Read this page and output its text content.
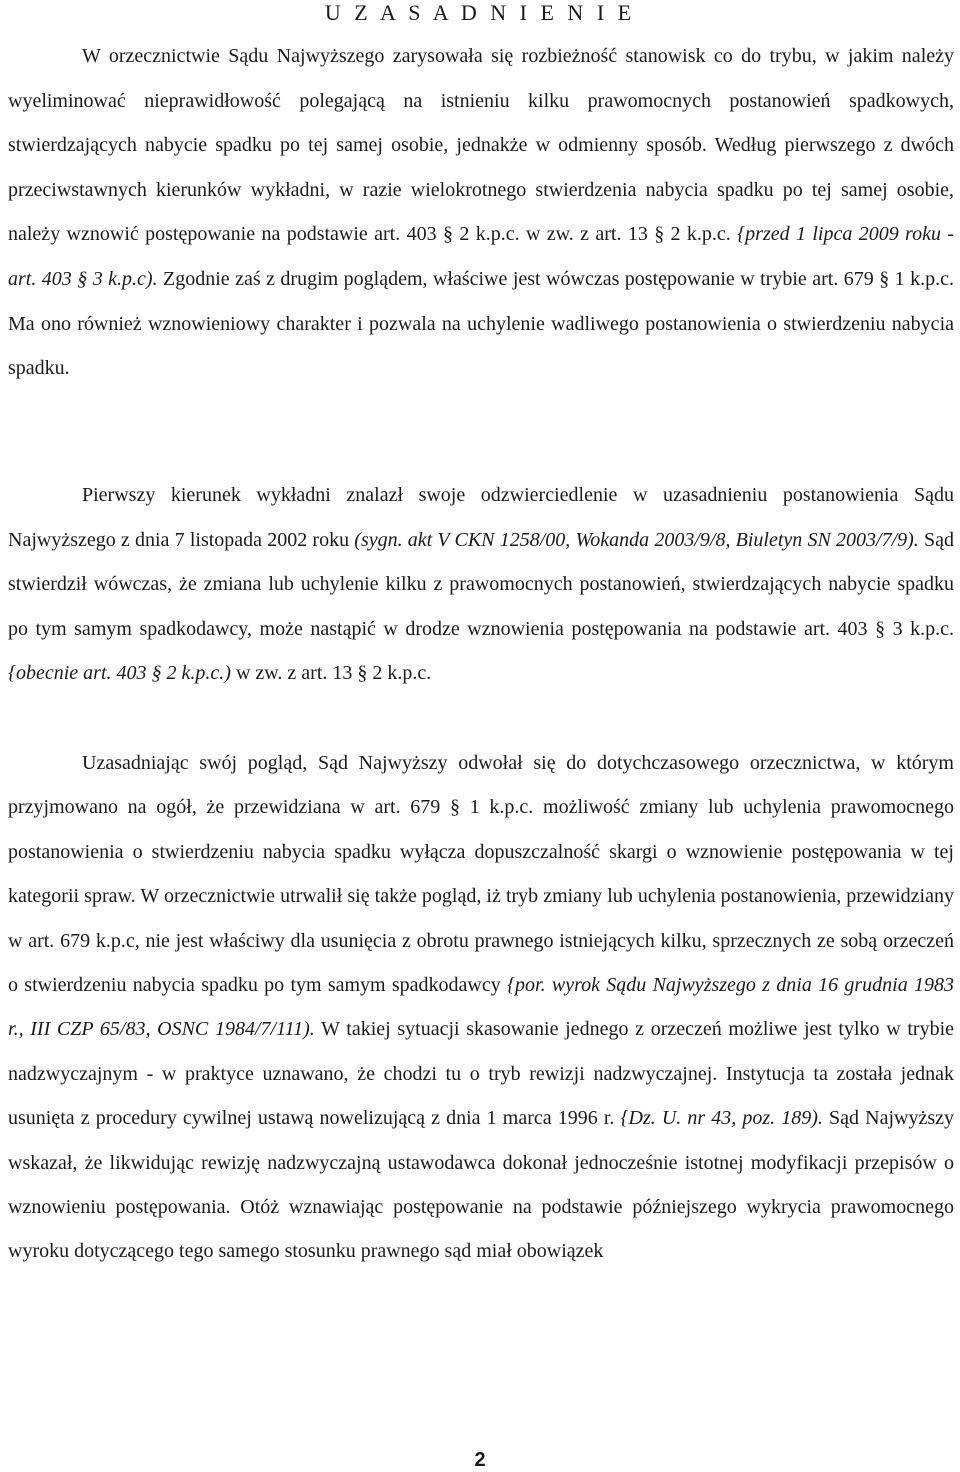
U Z A S A D N I E N I E

W orzecznictwie Sądu Najwyższego zarysowała się rozbieżność stanowisk co do trybu, w jakim należy wyeliminować nieprawidłowość polegającą na istnieniu kilku prawomocnych postanowień spadkowych, stwierdzających nabycie spadku po tej samej osobie, jednakże w odmienny sposób. Według pierwszego z dwóch przeciwstawnych kierunków wykładni, w razie wielokrotnego stwierdzenia nabycia spadku po tej samej osobie, należy wznowić postępowanie na podstawie art. 403 § 2 k.p.c. w zw. z art. 13 § 2 k.p.c. {przed 1 lipca 2009 roku - art. 403 § 3 k.p.c). Zgodnie zaś z drugim poglądem, właściwe jest wówczas postępowanie w trybie art. 679 § 1 k.p.c. Ma ono również wznowieniowy charakter i pozwala na uchylenie wadliwego postanowienia o stwierdzeniu nabycia spadku.

Pierwszy kierunek wykładni znalazł swoje odzwierciedlenie w uzasadnieniu postanowienia Sądu Najwyższego z dnia 7 listopada 2002 roku (sygn. akt V CKN 1258/00, Wokanda 2003/9/8, Biuletyn SN 2003/7/9). Sąd stwierdził wówczas, że zmiana lub uchylenie kilku z prawomocnych postanowień, stwierdzających nabycie spadku po tym samym spadkodawcy, może nastąpić w drodze wznowienia postępowania na podstawie art. 403 § 3 k.p.c. {obecnie art. 403 § 2 k.p.c.) w zw. z art. 13 § 2 k.p.c.

Uzasadniając swój pogląd, Sąd Najwyższy odwołał się do dotychczasowego orzecznictwa, w którym przyjmowano na ogół, że przewidziana w art. 679 § 1 k.p.c. możliwość zmiany lub uchylenia prawomocnego postanowienia o stwierdzeniu nabycia spadku wyłącza dopuszczalność skargi o wznowienie postępowania w tej kategorii spraw. W orzecznictwie utrwalił się także pogląd, iż tryb zmiany lub uchylenia postanowienia, przewidziany w art. 679 k.p.c, nie jest właściwy dla usunięcia z obrotu prawnego istniejących kilku, sprzecznych ze sobą orzeczeń o stwierdzeniu nabycia spadku po tym samym spadkodawcy {por. wyrok Sądu Najwyższego z dnia 16 grudnia 1983 r., III CZP 65/83, OSNC 1984/7/111). W takiej sytuacji skasowanie jednego z orzeczeń możliwe jest tylko w trybie nadzwyczajnym - w praktyce uznawano, że chodzi tu o tryb rewizji nadzwyczajnej. Instytucja ta została jednak usunięta z procedury cywilnej ustawą nowelizującą z dnia 1 marca 1996 r. {Dz. U. nr 43, poz. 189). Sąd Najwyższy wskazał, że likwidując rewizję nadzwyczajną ustawodawca dokonał jednocześnie istotnej modyfikacji przepisów o wznowieniu postępowania. Otóż wznawiając postępowanie na podstawie późniejszego wykrycia prawomocnego wyroku dotyczącego tego samego stosunku prawnego sąd miał obowiązek

2
